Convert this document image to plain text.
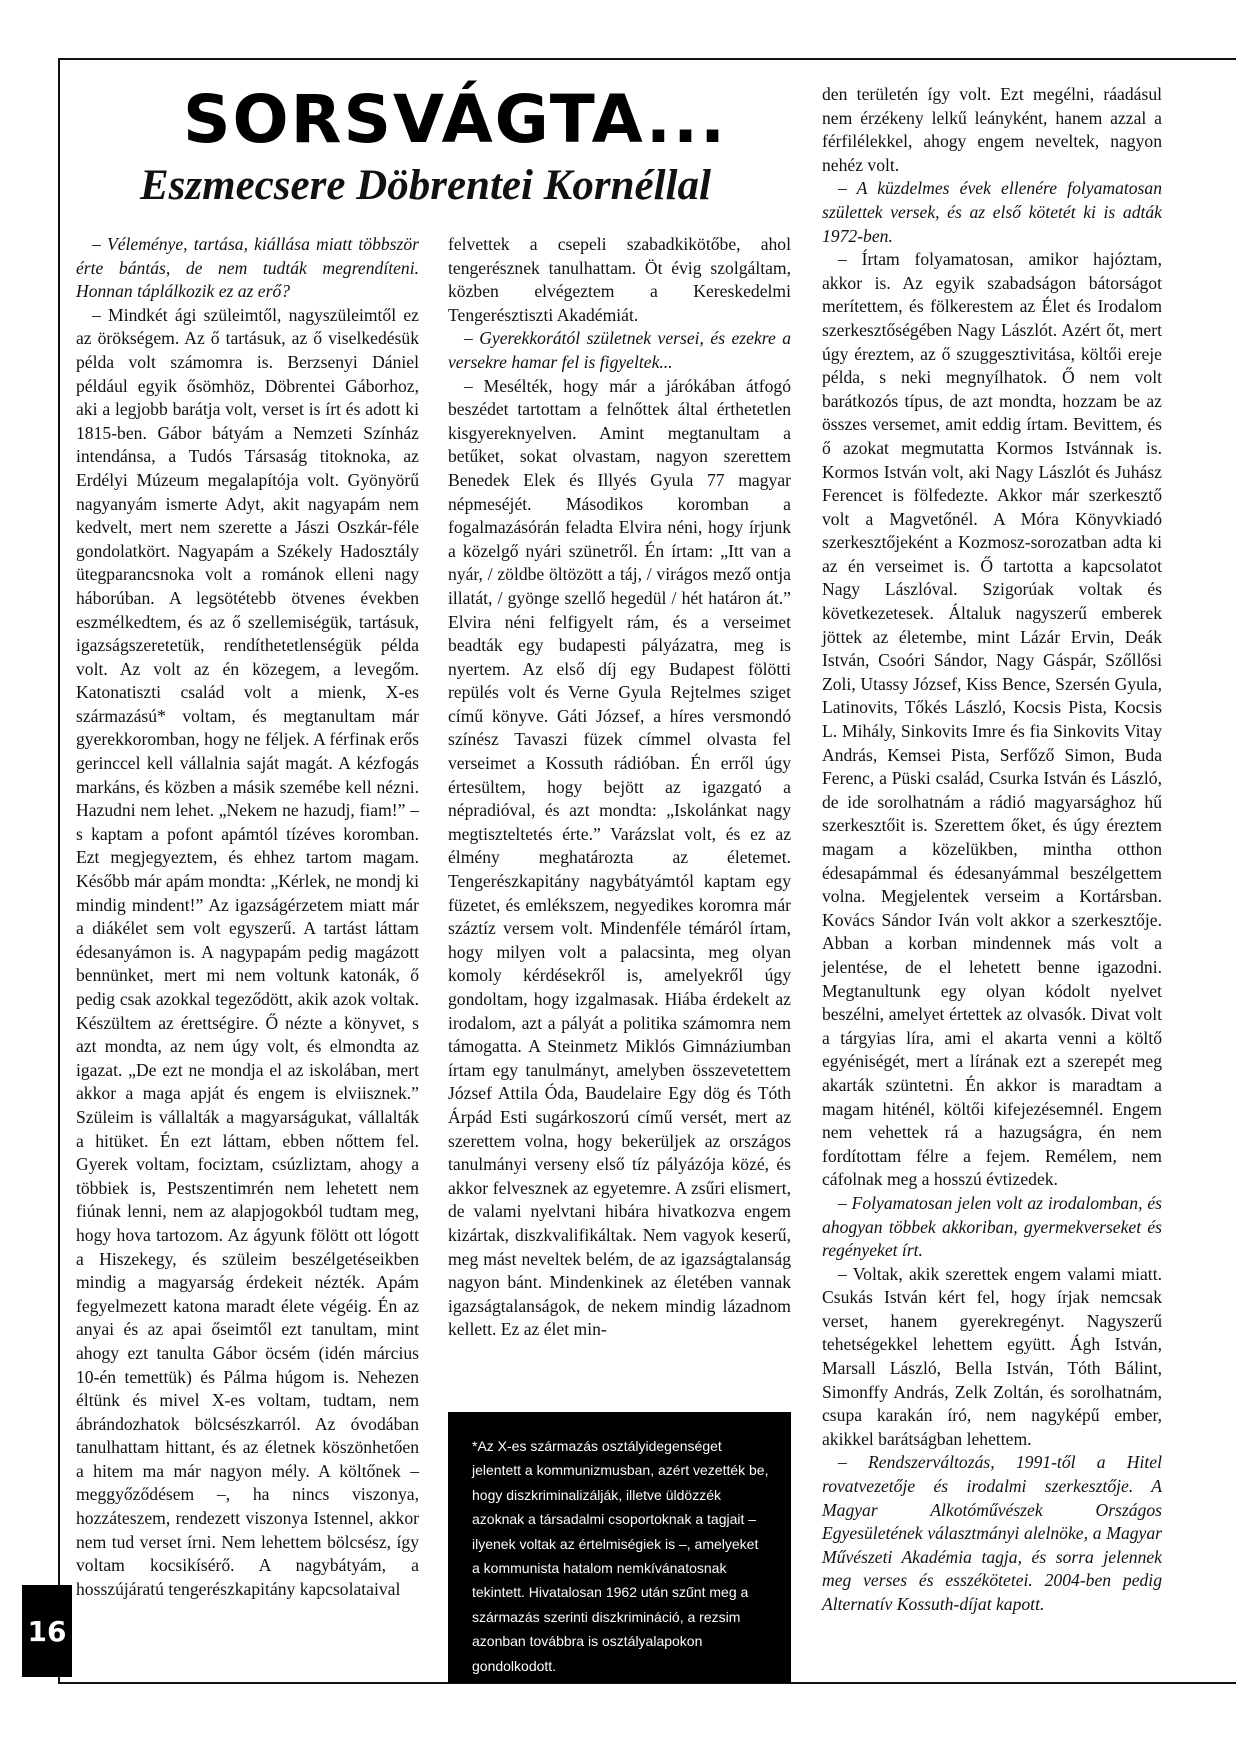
16
SORSVÁGTA...
Eszmecsere Döbrentei Kornéllal

– Véleménye, tartása, kiállása miatt többször érte bántás, de nem tudták megrendíteni. Honnan táplálkozik ez az erő?

– Mindkét ági szüleimtől, nagyszüleimtől ez az örökségem. Az ő tartásuk, az ő viselkedésük példa volt számomra is. Berzsenyi Dániel például egyik ősömhöz, Döbrentei Gáborhoz, aki a legjobb barátja volt, verset is írt és adott ki 1815-ben. Gábor bátyám a Nemzeti Színház intendánsa, a Tudós Társaság titoknoka, az Erdélyi Múzeum megalapítója volt. Gyönyörű nagyanyám ismerte Adyt, akit nagyapám nem kedvelt, mert nem szerette a Jászi Oszkár-féle gondolatkört. Nagyapám a Székely Hadosztály ütegparancsnoka volt a románok elleni nagy háborúban. A legsötétebb ötvenes években eszmélkedtem, és az ő szellemiségük, tartásuk, igazságszeretetük, rendíthetetlenségük példa volt. Az volt az én közegem, a levegőm. Katonatiszti család volt a mienk, X-es származású* voltam, és megtanultam már gyerekkoromban, hogy ne féljek. A férfinak erős gerinccel kell vállalnia saját magát. A kézfogás markáns, és közben a másik szemébe kell nézni. Hazudni nem lehet. „Nekem ne hazudj, fiam!” – s kaptam a pofont apámtól tízéves koromban. Ezt megjegyeztem, és ehhez tartom magam. Később már apám mondta: „Kérlek, ne mondj ki mindig mindent!” Az igazságérzetem miatt már a diákélet sem volt egyszerű. A tartást láttam édesanyámon is. A nagypapám pedig magázott bennünket, mert mi nem voltunk katonák, ő pedig csak azokkal tegeződött, akik azok voltak. Készültem az érettségire. Ő nézte a könyvet, s azt mondta, az nem úgy volt, és elmondta az igazat. „De ezt ne mondja el az iskolában, mert akkor a maga apját és engem is elviisznek.” Szüleim is vállalták a magyarságukat, vállalták a hitüket. Én ezt láttam, ebben nőttem fel. Gyerek voltam, fociztam, csúzliztam, ahogy a többiek is, Pestszentimrén nem lehetett nem fiúnak lenni, nem az alapjogokból tudtam meg, hogy hova tartozom. Az ágyunk fölött ott lógott a Hiszekegy, és szüleim beszélgetéseikben mindig a magyarság érdekeit nézték. Apám fegyelmezett katona maradt élete végéig. Én az anyai és az apai őseimtől ezt tanultam, mint ahogy ezt tanulta Gábor öcsém (idén március 10-én temettük) és Pálma húgom is. Nehezen éltünk és mivel X-es voltam, tudtam, nem ábrándozhatok bölcsészkarról. Az óvodában tanulhattam hittant, és az életnek köszönhetően a hitem ma már nagyon mély. A költőnek – meggyőződésem –, ha nincs viszonya, hozzáteszem, rendezett viszonya Istennel, akkor nem tud verset írni. Nem lehettem bölcsész, így voltam kocsikísérő. A nagybátyám, a hosszújáratú tengerészkapitány kapcsolataival

felvettek a csepeli szabadkikötőbe, ahol tengerésznek tanulhattam. Öt évig szolgáltam, közben elvégeztem a Kereskedelmi Tengerésztiszti Akadémiát.

– Gyerekkorától születnek versei, és ezekre a versekre hamar fel is figyeltek...

– Mesélték, hogy már a járókában átfogó beszédet tartottam a felnőttek által érthetetlen kisgyereknyelven. Amint megtanultam a betűket, sokat olvastam, nagyon szerettem Benedek Elek és Illyés Gyula 77 magyar népmeséjét. Másodikos koromban a fogalmazásórán feladta Elvira néni, hogy írjunk a közelgő nyári szünetről. Én írtam: „Itt van a nyár, / zöldbe öltözött a táj, / virágos mező ontja illatát, / gyönge szellő hegedül / hét határon át.” Elvira néni felfigyelt rám, és a verseimet beadták egy budapesti pályázatra, meg is nyertem. Az első díj egy Budapest fölötti repülés volt és Verne Gyula Rejtelmes sziget című könyve. Gáti József, a híres versmondó színész Tavaszi füzek címmel olvasta fel verseimet a Kossuth rádióban. Én erről úgy értesültem, hogy bejött az igazgató a népradióval, és azt mondta: „Iskolánkat nagy megtiszteltetés érte.” Varázslat volt, és ez az élmény meghatározta az életemet. Tengerészkapitány nagybátyámtól kaptam egy füzetet, és emlékszem, negyedikes koromra már száztíz versem volt. Mindenféle témáról írtam, hogy milyen volt a palacsinta, meg olyan komoly kérdésekről is, amelyekről úgy gondoltam, hogy izgalmasak. Hiába érdekelt az irodalom, azt a pályát a politika számomra nem támogatta. A Steinmetz Miklós Gimnáziumban írtam egy tanulmányt, amelyben összevetettem József Attila Óda, Baudelaire Egy dög és Tóth Árpád Esti sugárkoszorú című versét, mert az szerettem volna, hogy bekerüljek az országos tanulmányi verseny első tíz pályázója közé, és akkor felvesznek az egyetemre. A zsűri elismert, de valami nyelvtani hibára hivatkozva engem kizártak, diszkvalifikáltak. Nem vagyok keserű, meg mást neveltek belém, de az igazságtalanság nagyon bánt. Mindenkinek az életében vannak igazságtalanságok, de nekem mindig lázadnom kellett. Ez az élet min-

den területén így volt. Ezt megélni, ráadásul nem érzékeny lelkű leányként, hanem azzal a férfilélekkel, ahogy engem neveltek, nagyon nehéz volt.

– A küzdelmes évek ellenére folyamatosan születtek versek, és az első kötetét ki is adták 1972-ben.

– Írtam folyamatosan, amikor hajóztam, akkor is. Az egyik szabadságon bátorságot merítettem, és fölkerestem az Élet és Irodalom szerkesztőségében Nagy Lászlót. Azért őt, mert úgy éreztem, az ő szuggesztivitása, költői ereje példa, s neki megnyílhatok. Ő nem volt barátkozós típus, de azt mondta, hozzam be az összes versemet, amit eddig írtam. Bevittem, és ő azokat megmutatta Kormos Istvánnak is. Kormos István volt, aki Nagy Lászlót és Juhász Ferencet is fölfedezte. Akkor már szerkesztő volt a Magvetőnél. A Móra Könyvkiadó szerkesztőjeként a Kozmosz-sorozatban adta ki az én verseimet is. Ő tartotta a kapcsolatot Nagy Lászlóval. Szigorúak voltak és következetesek. Általuk nagyszerű emberek jöttek az életembe, mint Lázár Ervin, Deák István, Csoóri Sándor, Nagy Gáspár, Szőllősi Zoli, Utassy József, Kiss Bence, Szersén Gyula, Latinovits, Tőkés László, Kocsis Pista, Kocsis L. Mihály, Sinkovits Imre és fia Sinkovits Vitay András, Kemsei Pista, Serfőző Simon, Buda Ferenc, a Püski család, Csurka István és László, de ide sorolhatnám a rádió magyarsághoz hű szerkesztőit is. Szerettem őket, és úgy éreztem magam a közelükben, mintha otthon édesapámmal és édesanyámmal beszélgettem volna. Megjelentek verseim a Kortársban. Kovács Sándor Iván volt akkor a szerkesztője. Abban a korban mindennek más volt a jelentése, de el lehetett benne igazodni. Megtanultunk egy olyan kódolt nyelvet beszélni, amelyet értettek az olvasók. Divat volt a tárgyias líra, ami el akarta venni a költő egyéniségét, mert a lírának ezt a szerepét meg akarták szüntetni. Én akkor is maradtam a magam hiténél, költői kifejezésemnél. Engem nem vehettek rá a hazugságra, én nem fordítottam félre a fejem. Remélem, nem cáfolnak meg a hosszú évtizedek.

– Folyamatosan jelen volt az irodalomban, és ahogyan többek akkoriban, gyermekverseket és regényeket írt.

– Voltak, akik szerettek engem valami miatt. Csukás István kért fel, hogy írjak nemcsak verset, hanem gyerekregényt. Nagyszerű tehetségekkel lehettem együtt. Ágh István, Marsall László, Bella István, Tóth Bálint, Simonffy András, Zelk Zoltán, és sorolhatnám, csupa karakán író, nem nagyképű ember, akikkel barátságban lehettem.

– Rendszerváltozás, 1991-től a Hitel rovatvezetője és irodalmi szerkesztője. A Magyar Alkotóművészek Országos Egyesületének választmányi alelnöke, a Magyar Művészeti Akadémia tagja, és sorra jelennek meg verses és esszékötetei. 2004-ben pedig Alternatív Kossuth-díjat kapott.

*Az X-es származás osztályidegenséget jelentett a kommunizmusban, azért vezették be, hogy diszkriminalizálják, illetve üldözzék azoknak a társadalmi csoportoknak a tagjait – ilyenek voltak az értelmiségiek is –, amelyeket a kommunista hatalom nemkívánatosnak tekintett. Hivatalosan 1962 után szűnt meg a származás szerinti diszkrimináció, a rezsim azonban továbbra is osztályalapokon gondolkodott.
